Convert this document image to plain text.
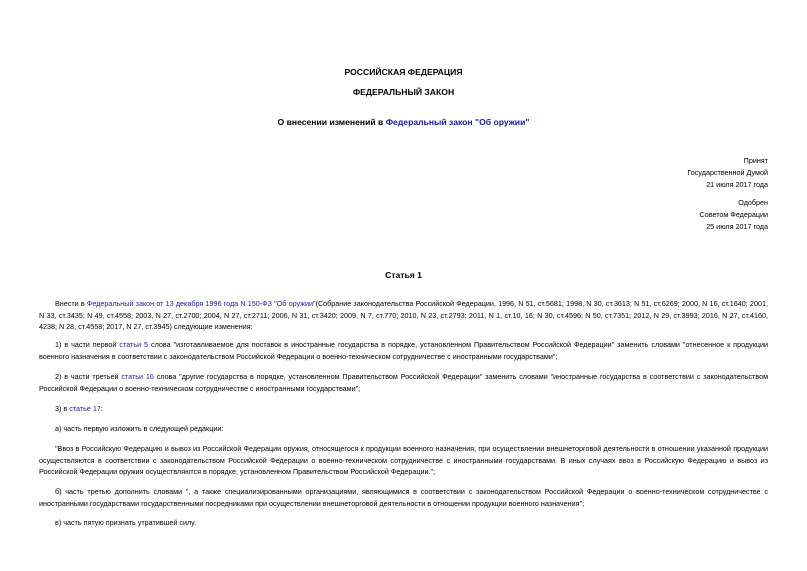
РОССИЙСКАЯ ФЕДЕРАЦИЯ
ФЕДЕРАЛЬНЫЙ ЗАКОН
О внесении изменений в Федеральный закон "Об оружии"
Принят
Государственной Думой
21 июля 2017 года
Одобрен
Советом Федерации
25 июля 2017 года
Статья 1
Внести в Федеральный закон от 13 декабря 1996 года N 150-ФЗ "Об оружии"(Собрание законодательства Российской Федерации, 1996, N 51, ст.5681; 1998, N 30, ст.3613; N 51, ст.6269; 2000, N 16, ст.1640; 2001, N 33, ст.3435; N 49, ст.4558; 2003, N 27, ст.2700; 2004, N 27, ст.2711; 2006, N 31, ст.3420; 2009, N 7, ст.770; 2010, N 23, ст.2793; 2011, N 1, ст.10, 16; N 30, ст.4596; N 50, ст.7351; 2012, N 29, ст.3993; 2016, N 27, ст.4160, 4238; N 28, ст.4558; 2017, N 27, ст.3945) следующие изменения:
1) в части первой статьи 5 слова "изготавливаемое для поставок в иностранные государства в порядке, установленном Правительством Российской Федерации" заменить словами "отнесенное к продукции военного назначения в соответствии с законодательством Российской Федерации о военно-техническом сотрудничестве с иностранными государствами";
2) в части третьей статьи 16 слова "другие государства в порядке, установленном Правительством Российской Федерации" заменить словами "иностранные государства в соответствии с законодательством Российской Федерации о военно-техническом сотрудничестве с иностранными государствами";
3) в статье 17:
а) часть первую изложить в следующей редакции:
"Ввоз в Российскую Федерацию и вывоз из Российской Федерации оружия, относящегося к продукции военного назначения, при осуществлении внешнеторговой деятельности в отношении указанной продукции осуществляются в соответствии с законодательством Российской Федерации о военно-техническом сотрудничестве с иностранными государствами. В иных случаях ввоз в Российскую Федерацию и вывоз из Российской Федерации оружия осуществляются в порядке, установленном Правительством Российской Федерации.";
б) часть третью дополнить словами ", а также специализированными организациями, являющимися в соответствии с законодательством Российской Федерации о военно-техническом сотрудничестве с иностранными государствами государственными посредниками при осуществлении внешнеторговой деятельности в отношении продукции военного назначения";
в) часть пятую признать утратившей силу.
